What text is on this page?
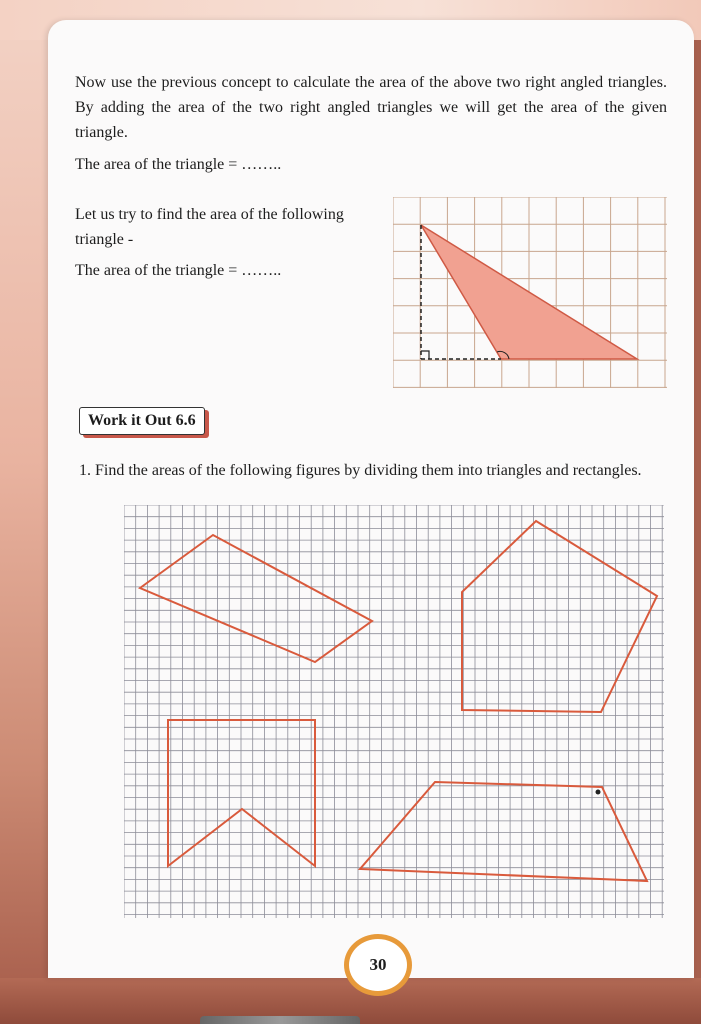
Now use the previous concept to calculate the area of the above two right angled triangles. By adding the area of the two right angled triangles we will get the area of the given triangle.

The area of the triangle = ……..

Let us try to find the area of the following triangle -

The area of the triangle = ……..

Work it Out 6.6

1. Find the areas of the following figures by dividing them into triangles and rectangles.

30
